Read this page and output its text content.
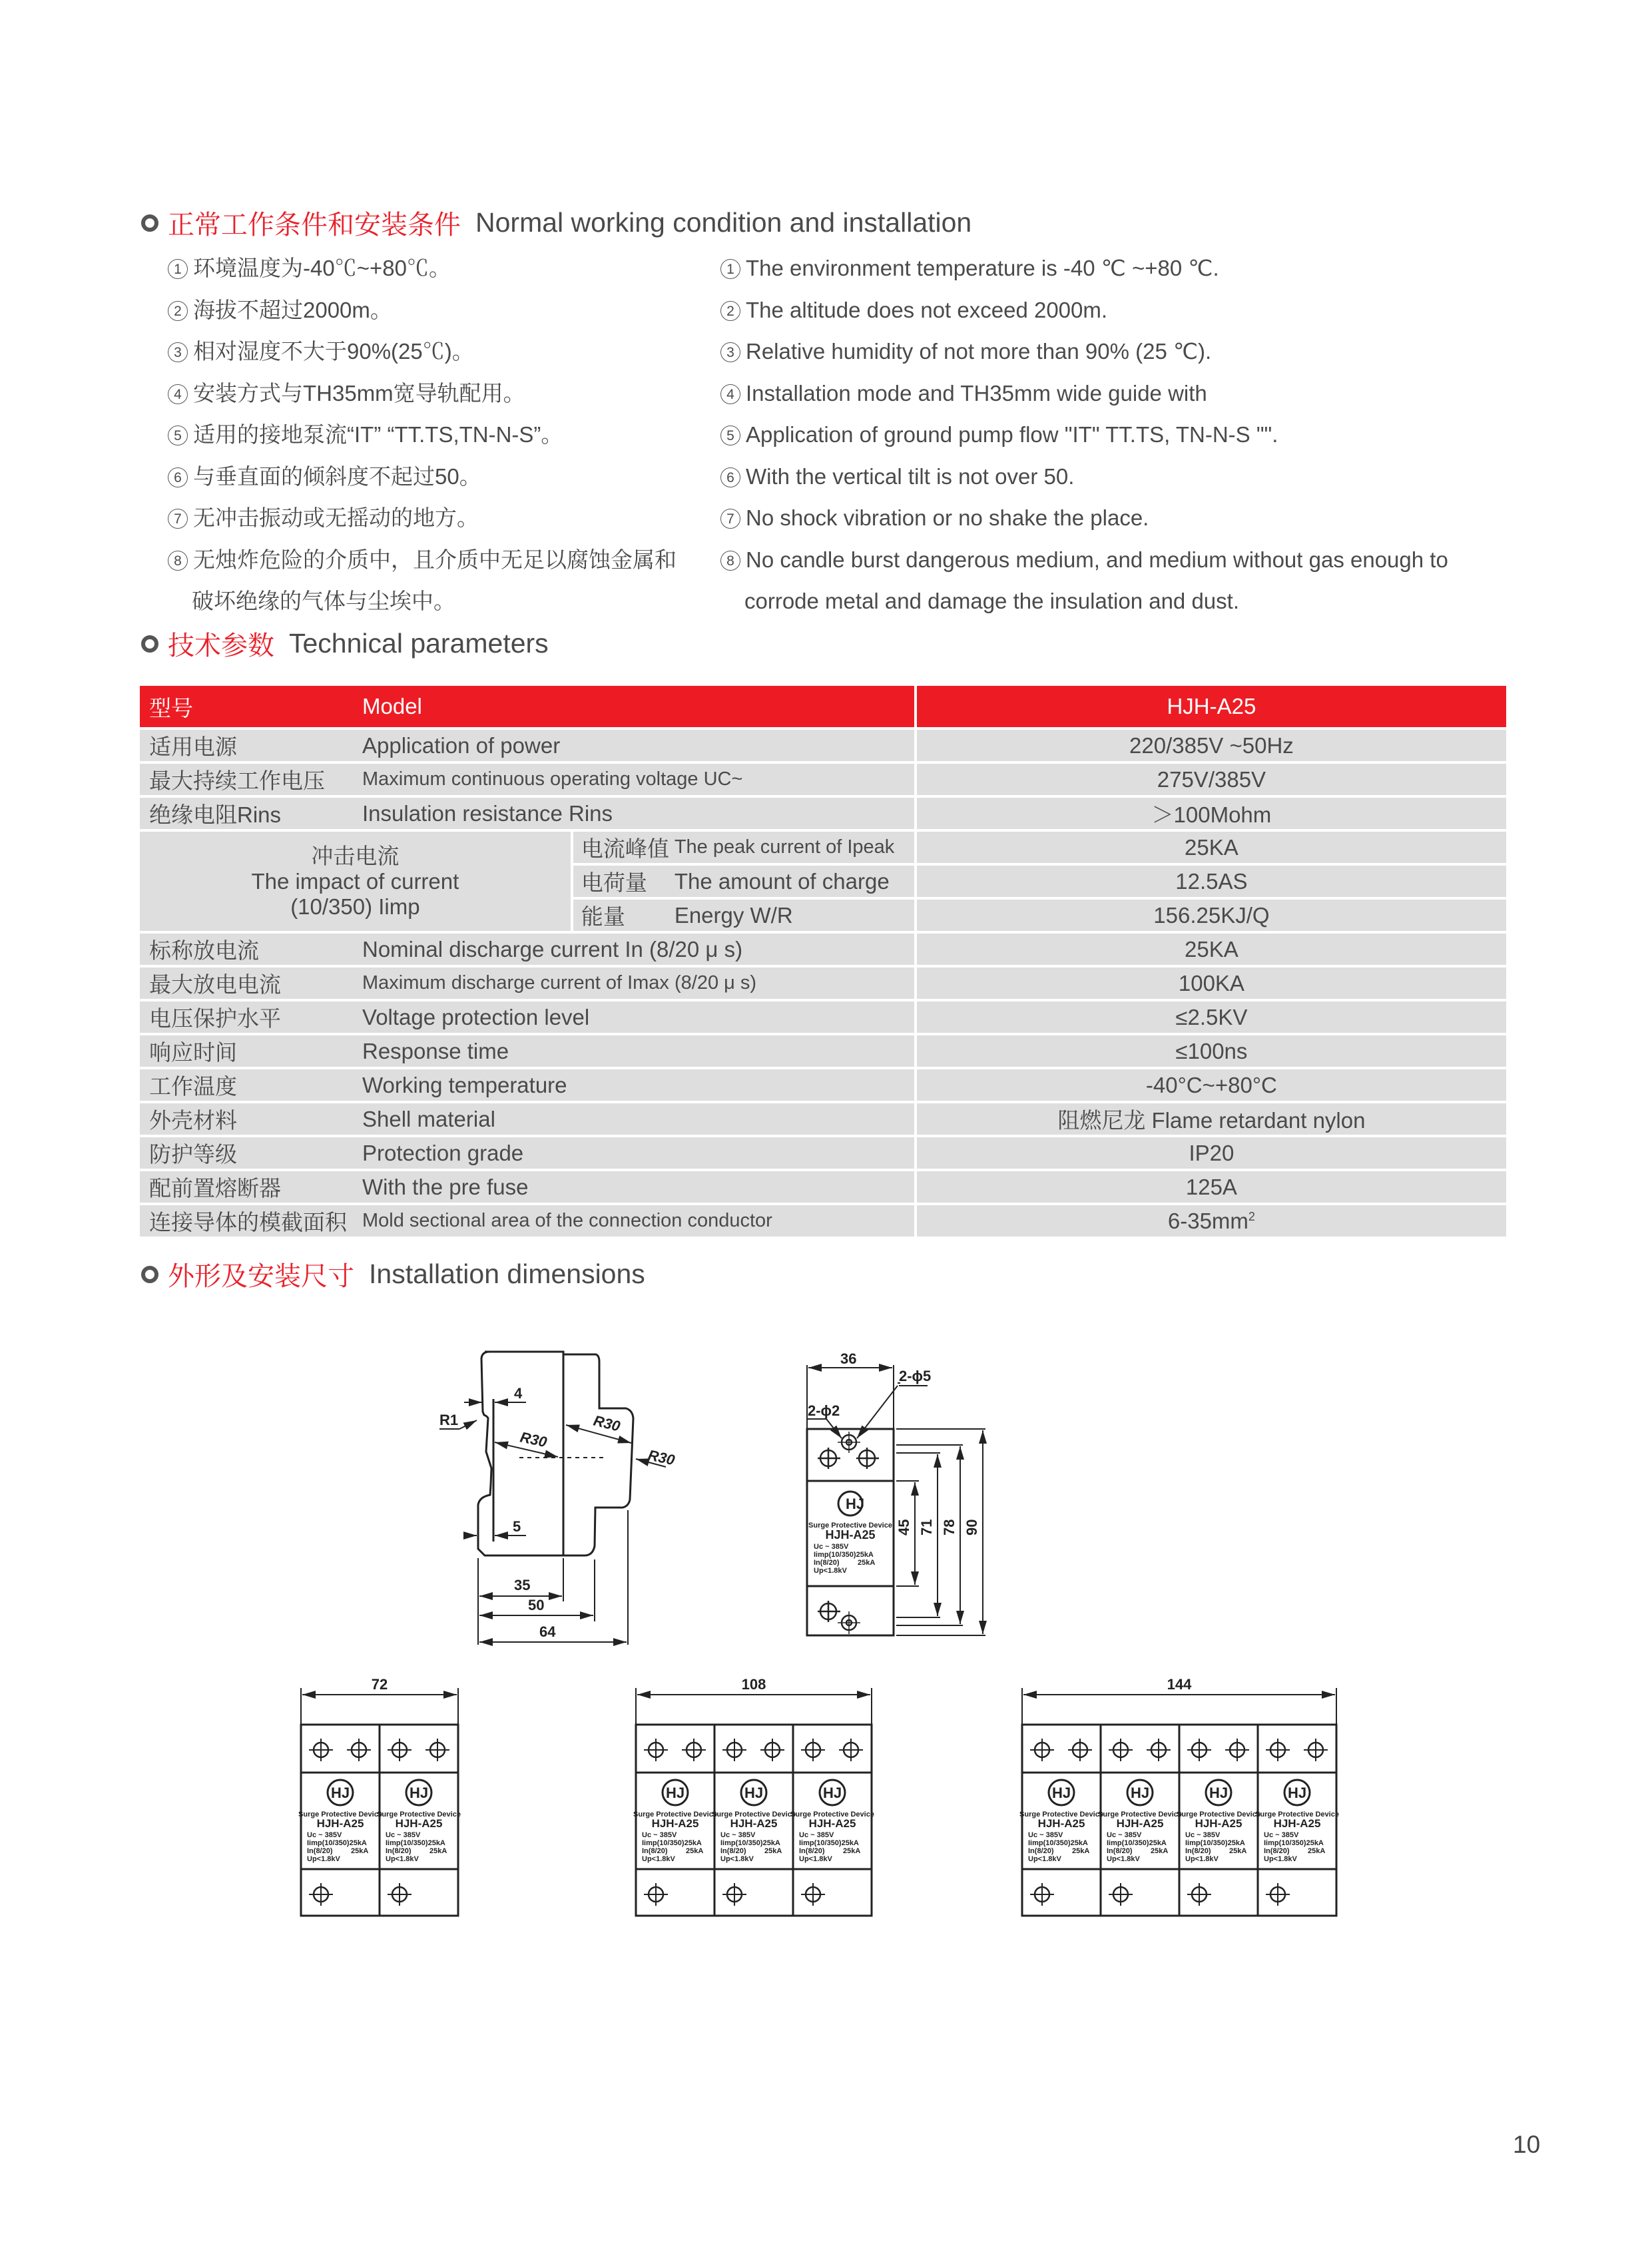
正常工作条件和安装条件 Normal working condition and installation
1 环境温度为-40℃~+80℃。
2 海拔不超过2000m。
3 相对湿度不大于90%(25℃)。
4 安装方式与TH35mm宽导轨配用。
5 适用的接地泵流“IT” “TT.TS,TN-N-S”。
6 与垂直面的倾斜度不起过50。
7 无冲击振动或无摇动的地方。
8 无烛炸危险的介质中，且介质中无足以腐蚀金属和
破坏绝缘的气体与尘埃中。
1 The environment temperature is -40 ℃ ~+80 ℃.
2 The altitude does not exceed 2000m.
3 Relative humidity of not more than 90% (25 ℃).
4 Installation mode and TH35mm wide guide with
5 Application of ground pump flow "IT" TT.TS, TN-N-S "".
6 With the vertical tilt is not over 50.
7 No shock vibration or no shake the place.
8 No candle burst dangerous medium, and medium without gas enough to
corrode metal and damage the insulation and dust.
技术参数 Technical parameters
型号	Model			HJH-A25
适用电源	Application of power			220/385V ~50Hz
最大持续工作电压	Maximum continuous operating voltage UC~			275V/385V
绝缘电阻Rins	Insulation resistance Rins			＞100Mohm

冲击电流
The impact of current
(10/350) Iimp		电流峰值	The peak current of Ipeak	25KA
		电荷量	The amount of charge	12.5AS
		能量	Energy W/R	156.25KJ/Q
标称放电流	Nominal discharge current In (8/20 μ s)			25KA
最大放电电流	Maximum discharge current of Imax (8/20 μ s)			100KA
电压保护水平	Voltage protection level			≤2.5KV
响应时间	Response time			≤100ns
工作温度	Working temperature			-40°C~+80°C
外壳材料	Shell material			阻燃尼龙 Flame retardant nylon
防护等级	Protection grade			IP20
配前置熔断器	With the pre fuse			125A
连接导体的模截面积	Mold sectional area of the connection conductor			$6-35mm^2$
外形及安装尺寸 Installation dimensions
4
5
R1
R30
R30
R30
35
50
64
36
2-ϕ5
2-ϕ2
HJ
Surge Protective Device
HJH-A25
Uc ~ 385V
Iimp(10/350)25kA
In(8/20) 25kA
Up<1.8kV
45 71 78 90
72
HJ
Surge Protective Device
HJH-A25
Uc ~ 385V
Iimp(10/350)25kA
In(8/20)
Up<1.8kV
25kA
HJ
Surge Protective Device
HJH-A25
Uc ~ 385V
Iimp(10/350)25kA
In(8/20)
Up<1.8kV
25kA
108
HJ
Surge Protective Device
HJH-A25
Uc ~ 385V
Iimp(10/350)25kA
In(8/20)
Up<1.8kV
25kA
HJ
Surge Protective Device
HJH-A25
Uc ~ 385V
Iimp(10/350)25kA
In(8/20)
Up<1.8kV
25kA
HJ
Surge Protective Device
HJH-A25
Uc ~ 385V
Iimp(10/350)25kA
In(8/20)
Up<1.8kV
25kA
144
HJ
Surge Protective Device
HJH-A25
Uc ~ 385V
Iimp(10/350)25kA
In(8/20)
Up<1.8kV
25kA
HJ
Surge Protective Device
HJH-A25
Uc ~ 385V
Iimp(10/350)25kA
In(8/20)
Up<1.8kV
25kA
HJ
Surge Protective Device
HJH-A25
Uc ~ 385V
Iimp(10/350)25kA
In(8/20)
Up<1.8kV
25kA
HJ
Surge Protective Device
HJH-A25
Uc ~ 385V
Iimp(10/350)25kA
In(8/20)
Up<1.8kV
25kA
10
